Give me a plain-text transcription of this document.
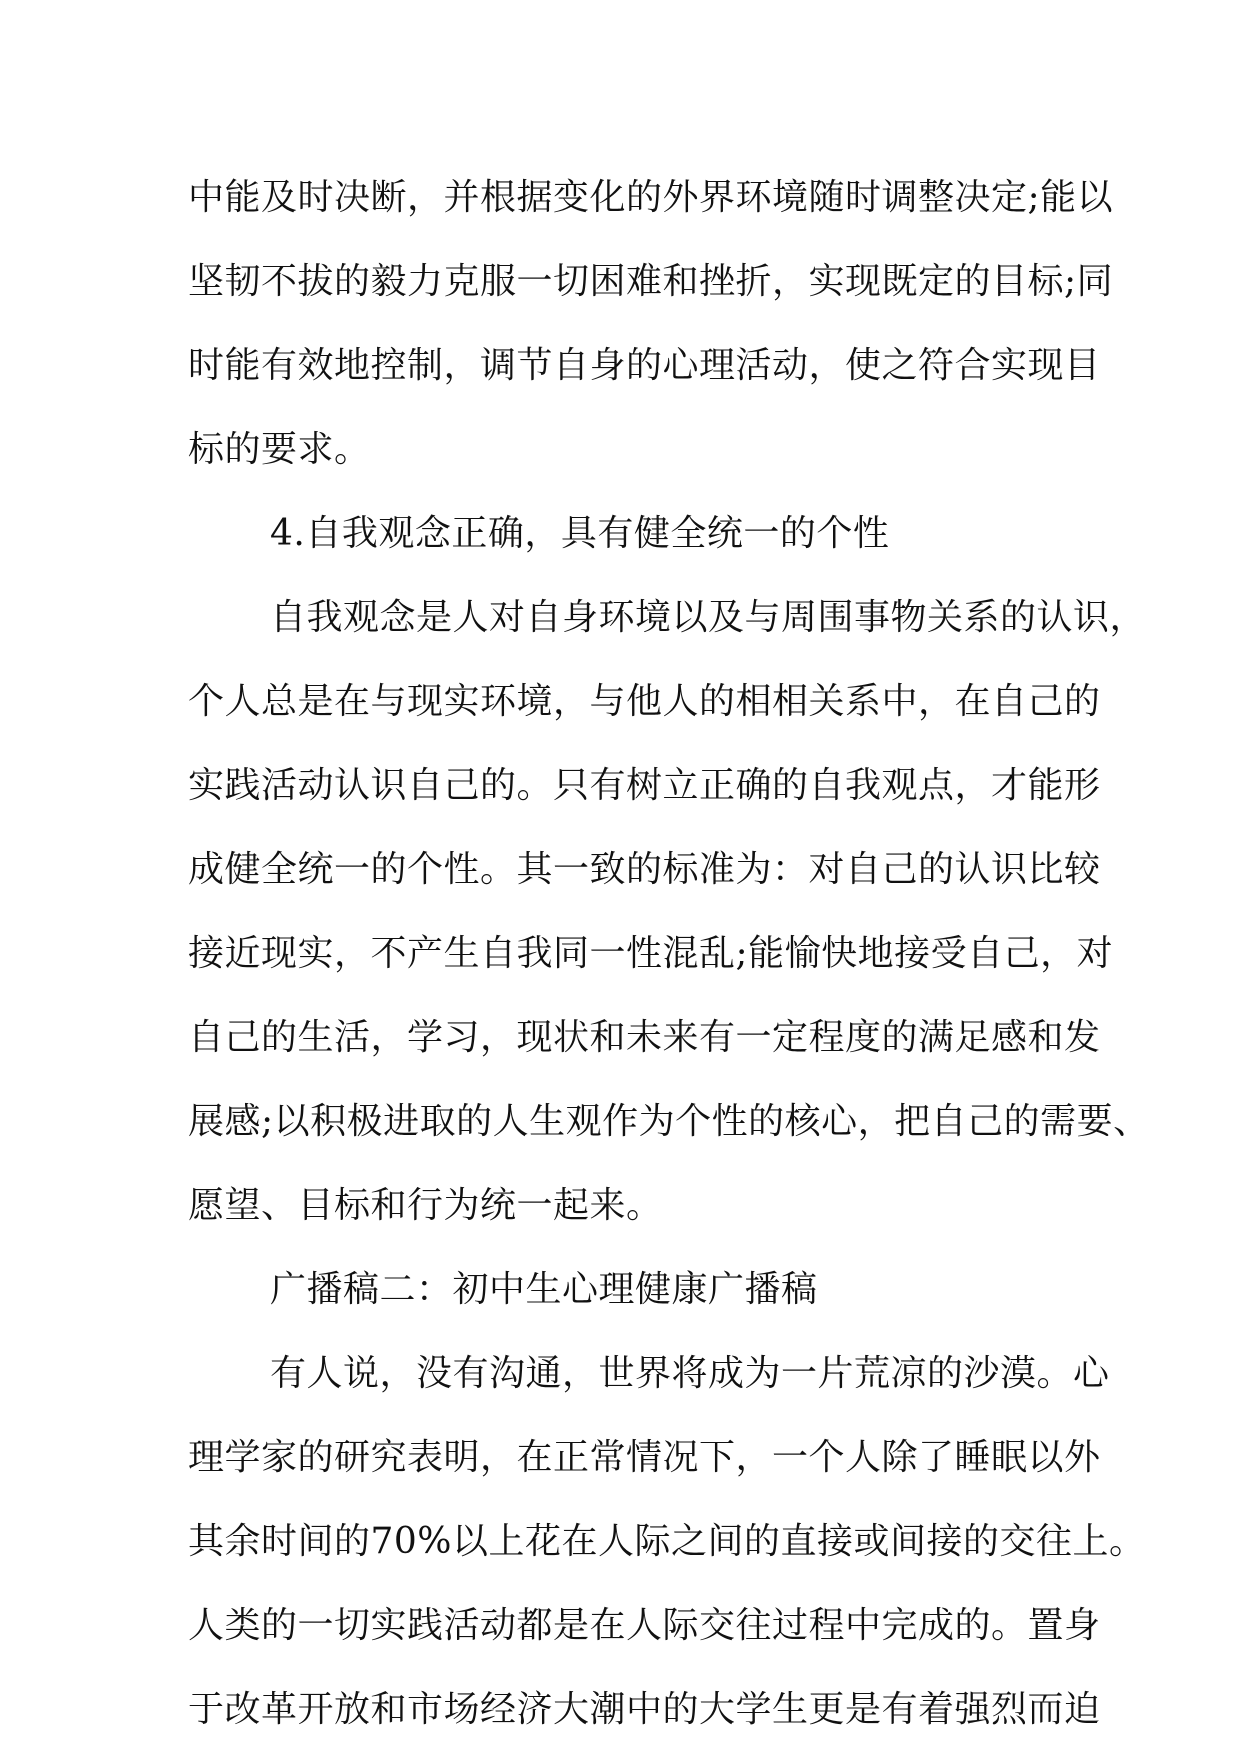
中能及时决断，并根据变化的外界环境随时调整决定;能以
坚韧不拔的毅力克服一切困难和挫折，实现既定的目标;同
时能有效地控制，调节自身的心理活动，使之符合实现目
标的要求。
4.自我观念正确，具有健全统一的个性
自我观念是人对自身环境以及与周围事物关系的认识，
个人总是在与现实环境，与他人的相相关系中，在自己的
实践活动认识自己的。只有树立正确的自我观点，才能形
成健全统一的个性。其一致的标准为：对自己的认识比较
接近现实，不产生自我同一性混乱;能愉快地接受自己，对
自己的生活，学习，现状和未来有一定程度的满足感和发
展感;以积极进取的人生观作为个性的核心，把自己的需要、
愿望、目标和行为统一起来。
广播稿二：初中生心理健康广播稿
有人说，没有沟通，世界将成为一片荒凉的沙漠。心
理学家的研究表明，在正常情况下，一个人除了睡眠以外
其余时间的70%以上花在人际之间的直接或间接的交往上。
人类的一切实践活动都是在人际交往过程中完成的。置身
于改革开放和市场经济大潮中的大学生更是有着强烈而迫
